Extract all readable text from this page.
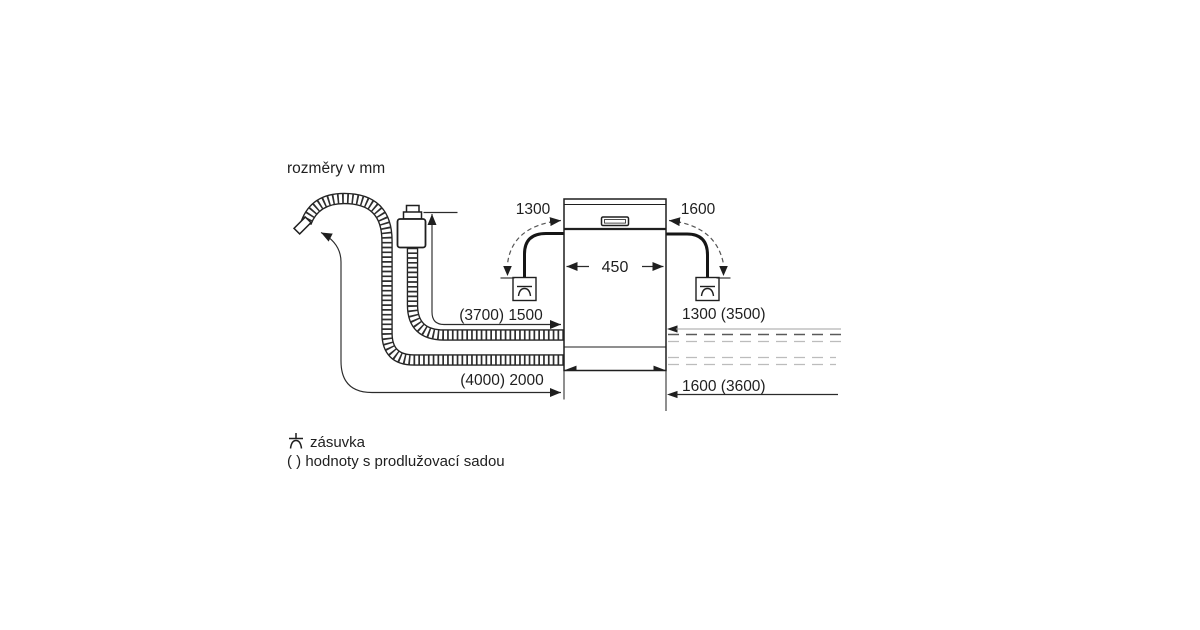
rozměry v mm
450
1300	1600
(3700) 1500
(4000) 2000
1300 (3500)
1600 (3600)
zásuvka
( ) hodnoty s prodlužovací sadou
